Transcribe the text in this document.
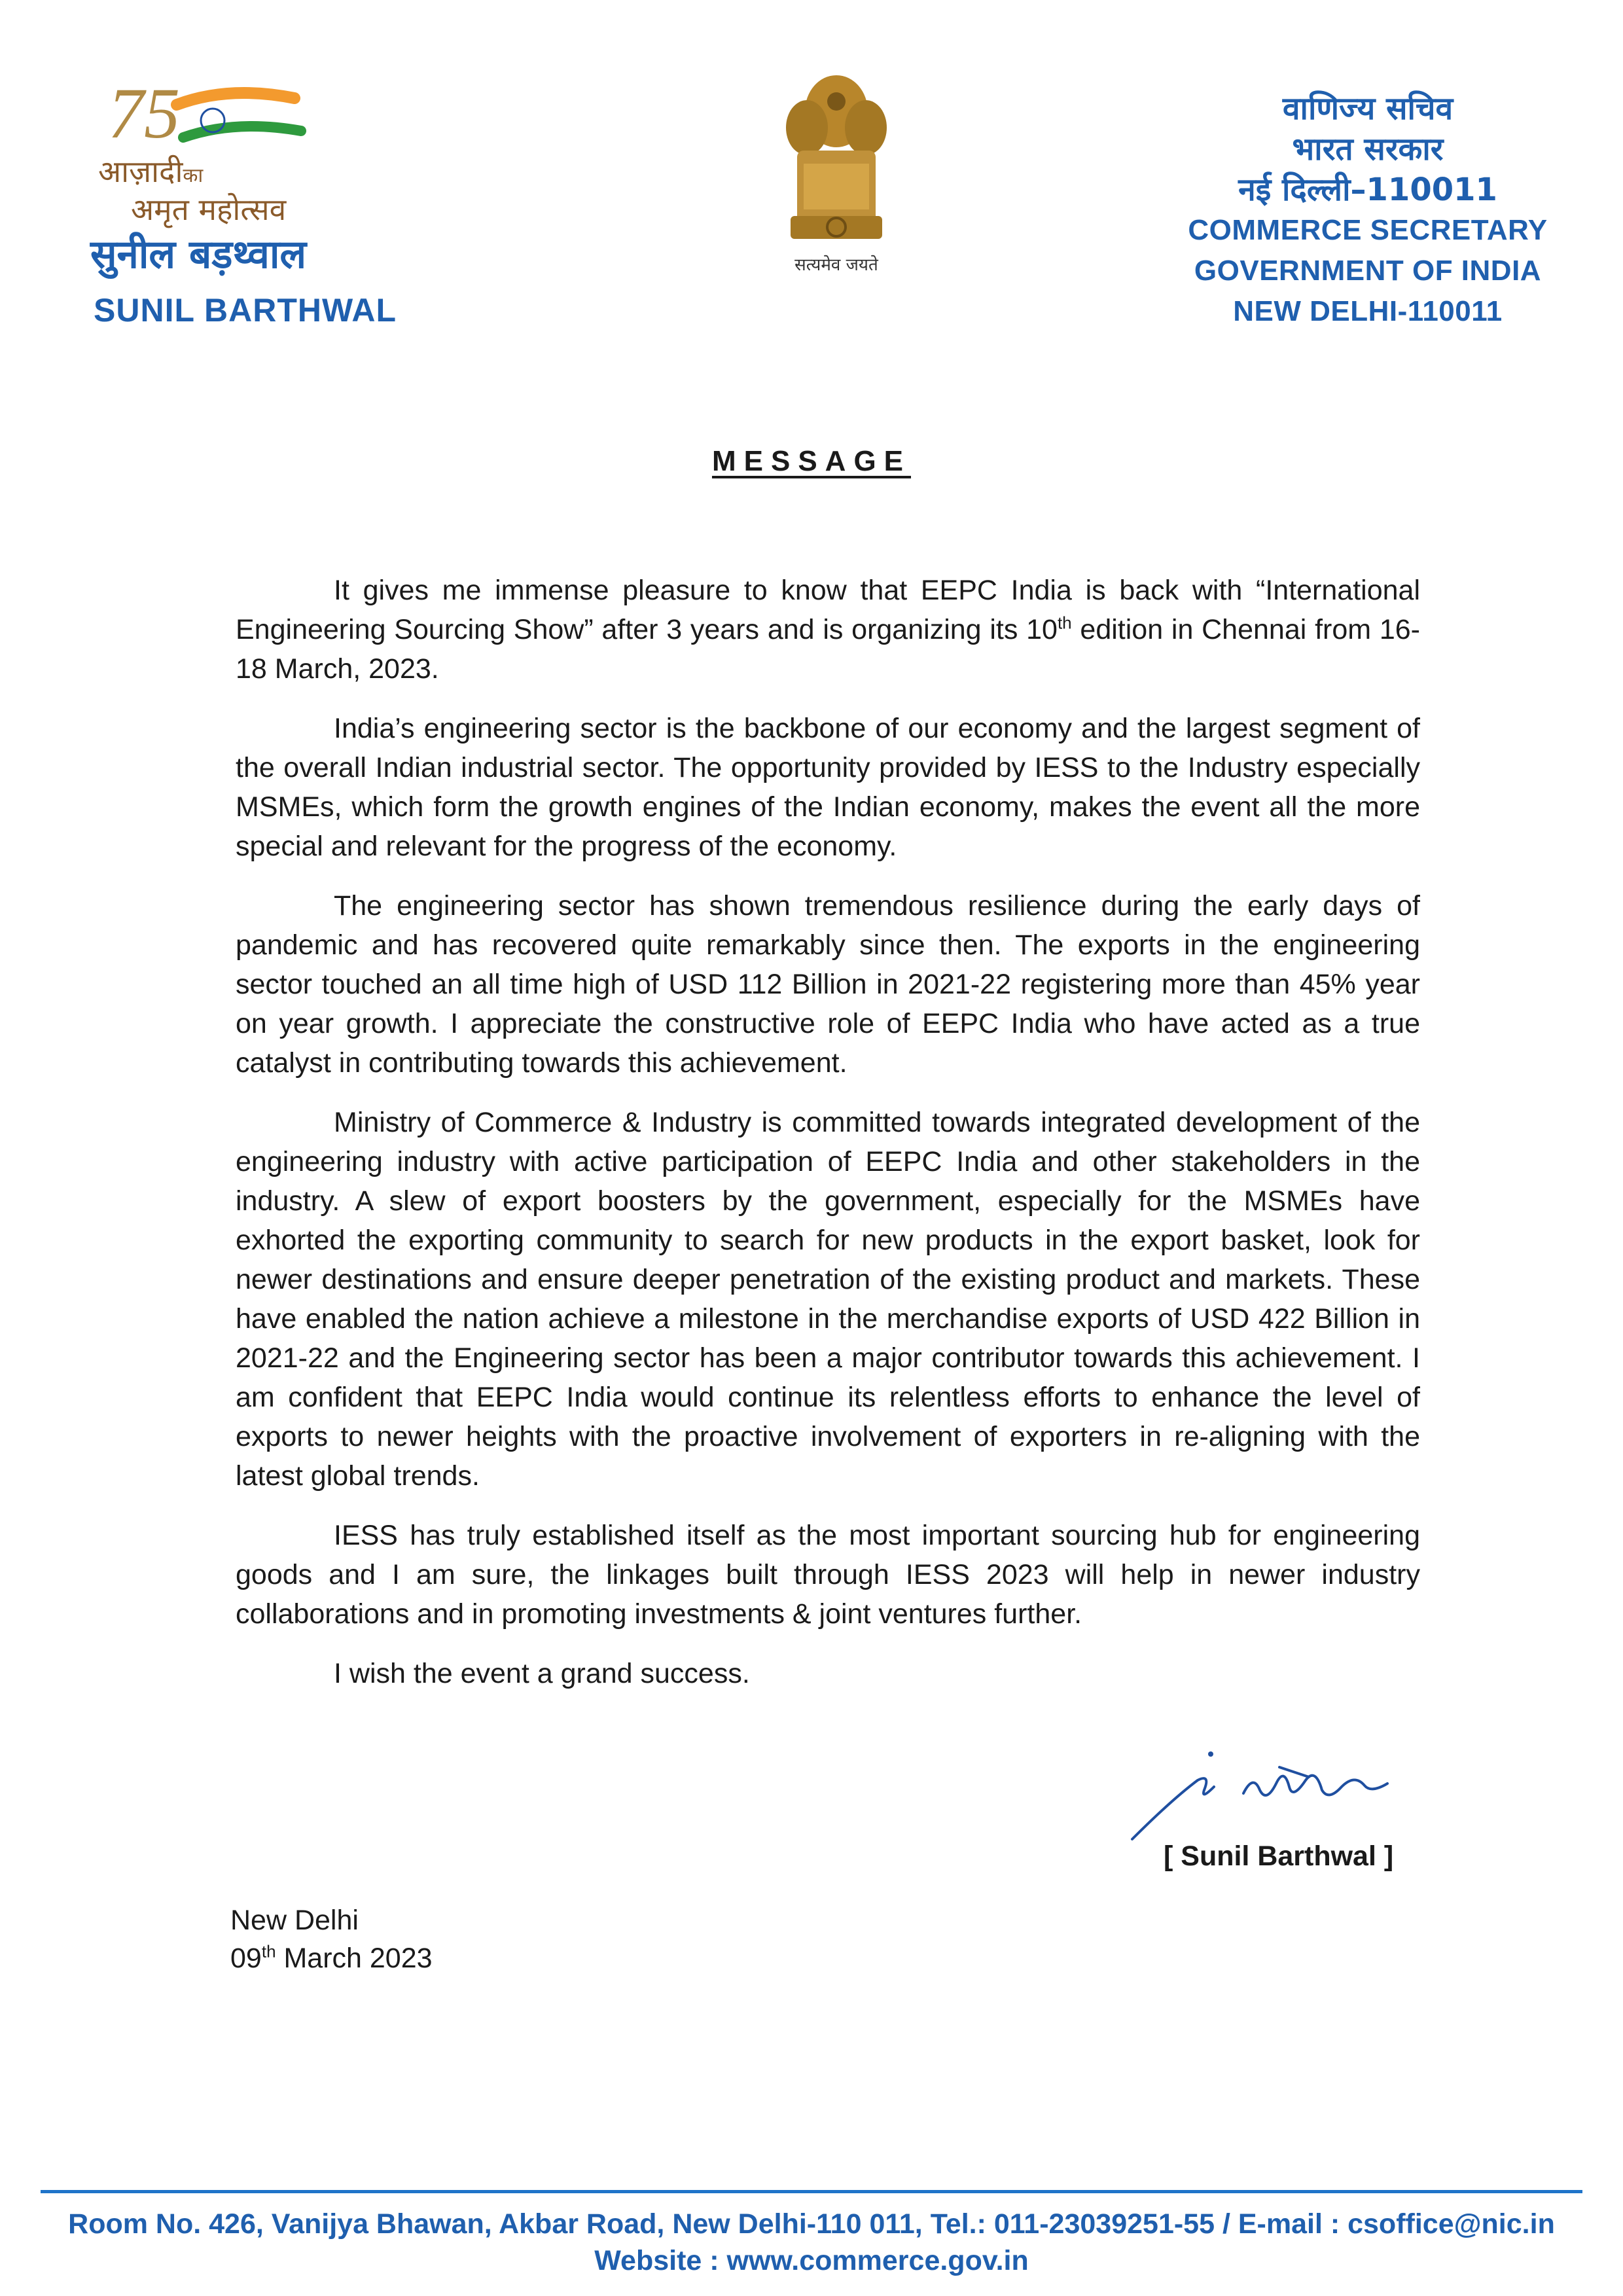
75
आज़ादीका
अमृत महोत्सव
सुनील बड़थ्वाल
SUNIL BARTHWAL
सत्यमेव जयते
वाणिज्य सचिव
भारत सरकार
नई दिल्ली–110011
COMMERCE SECRETARY
GOVERNMENT OF INDIA
NEW DELHI-110011
MESSAGE

It gives me immense pleasure to know that EEPC India is back with “International Engineering Sourcing Show” after 3 years and is organizing its 10th edition in Chennai from 16-18 March, 2023.

India’s engineering sector is the backbone of our economy and the largest segment of the overall Indian industrial sector. The opportunity provided by IESS to the Industry especially MSMEs, which form the growth engines of the Indian economy, makes the event all the more special and relevant for the progress of the economy.

The engineering sector has shown tremendous resilience during the early days of pandemic and has recovered quite remarkably since then. The exports in the engineering sector touched an all time high of USD 112 Billion in 2021-22 registering more than 45% year on year growth. I appreciate the constructive role of EEPC India who have acted as a true catalyst in contributing towards this achievement.

Ministry of Commerce & Industry is committed towards integrated development of the engineering industry with active participation of EEPC India and other stakeholders in the industry. A slew of export boosters by the government, especially for the MSMEs have exhorted the exporting community to search for new products in the export basket, look for newer destinations and ensure deeper penetration of the existing product and markets. These have enabled the nation achieve a milestone in the merchandise exports of USD 422 Billion in 2021-22 and the Engineering sector has been a major contributor towards this achievement. I am confident that EEPC India would continue its relentless efforts to enhance the level of exports to newer heights with the proactive involvement of exporters in re-aligning with the latest global trends.

IESS has truly established itself as the most important sourcing hub for engineering goods and I am sure, the linkages built through IESS 2023 will help in newer industry collaborations and in promoting investments & joint ventures further.

I wish the event a grand success.

[ Sunil Barthwal ]
New Delhi
09th March 2023
Room No. 426, Vanijya Bhawan, Akbar Road, New Delhi-110 011, Tel.: 011-23039251-55 / E-mail : csoffice@nic.in
Website : www.commerce.gov.in
